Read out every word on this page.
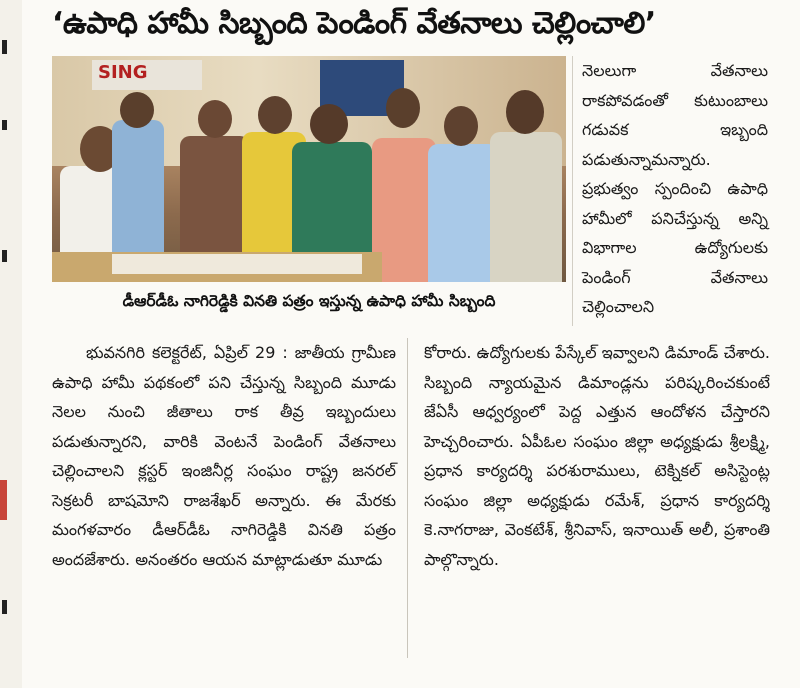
‘ఉపాధి హామీ సిబ్బంది పెండింగ్ వేతనాలు చెల్లించాలి’
SING
డీఆర్‌డీఓ నాగిరెడ్డికి వినతి పత్రం ఇస్తున్న ఉపాధి హామీ సిబ్బంది

నెలలుగా వేతనాలు రాకపోవడంతో కుటుంబాలు గడువక ఇబ్బంది పడుతున్నామన్నారు. ప్రభుత్వం స్పందించి ఉపాధి హామీలో పనిచేస్తున్న అన్ని విభాగాల ఉద్యోగులకు పెండింగ్ వేతనాలు చెల్లించాలని

భువనగిరి కలెక్టరేట్, ఏప్రిల్ 29 : జాతీయ గ్రామీణ ఉపాధి హామీ పథకంలో పని చేస్తున్న సిబ్బంది మూడు నెలల నుంచి జీతాలు రాక తీవ్ర ఇబ్బందులు పడుతున్నారని, వారికి వెంటనే పెండింగ్ వేతనాలు చెల్లించాలని క్లస్టర్ ఇంజినీర్ల సంఘం రాష్ట్ర జనరల్ సెక్రటరీ బాషమోని రాజశేఖర్ అన్నారు. ఈ మేరకు మంగళవారం డీఆర్‌డీఓ నాగిరెడ్డికి వినతి పత్రం అందజేశారు. అనంతరం ఆయన మాట్లాడుతూ మూడు

కోరారు. ఉద్యోగులకు పేస్కేల్ ఇవ్వాలని డిమాండ్ చేశారు. సిబ్బంది న్యాయమైన డిమాండ్లను పరిష్కరించకుంటే జేఏసీ ఆధ్వర్యంలో పెద్ద ఎత్తున ఆందోళన చేస్తారని హెచ్చరించారు. ఏపీఓల సంఘం జిల్లా అధ్యక్షుడు శ్రీలక్ష్మి, ప్రధాన కార్యదర్శి పరశురాములు, టెక్నికల్ అసిస్టెంట్ల సంఘం జిల్లా అధ్యక్షుడు రమేశ్, ప్రధాన కార్యదర్శి కె.నాగరాజు, వెంకటేశ్, శ్రీనివాస్, ఇనాయిత్ అలీ, ప్రశాంతి పాల్గొన్నారు.
